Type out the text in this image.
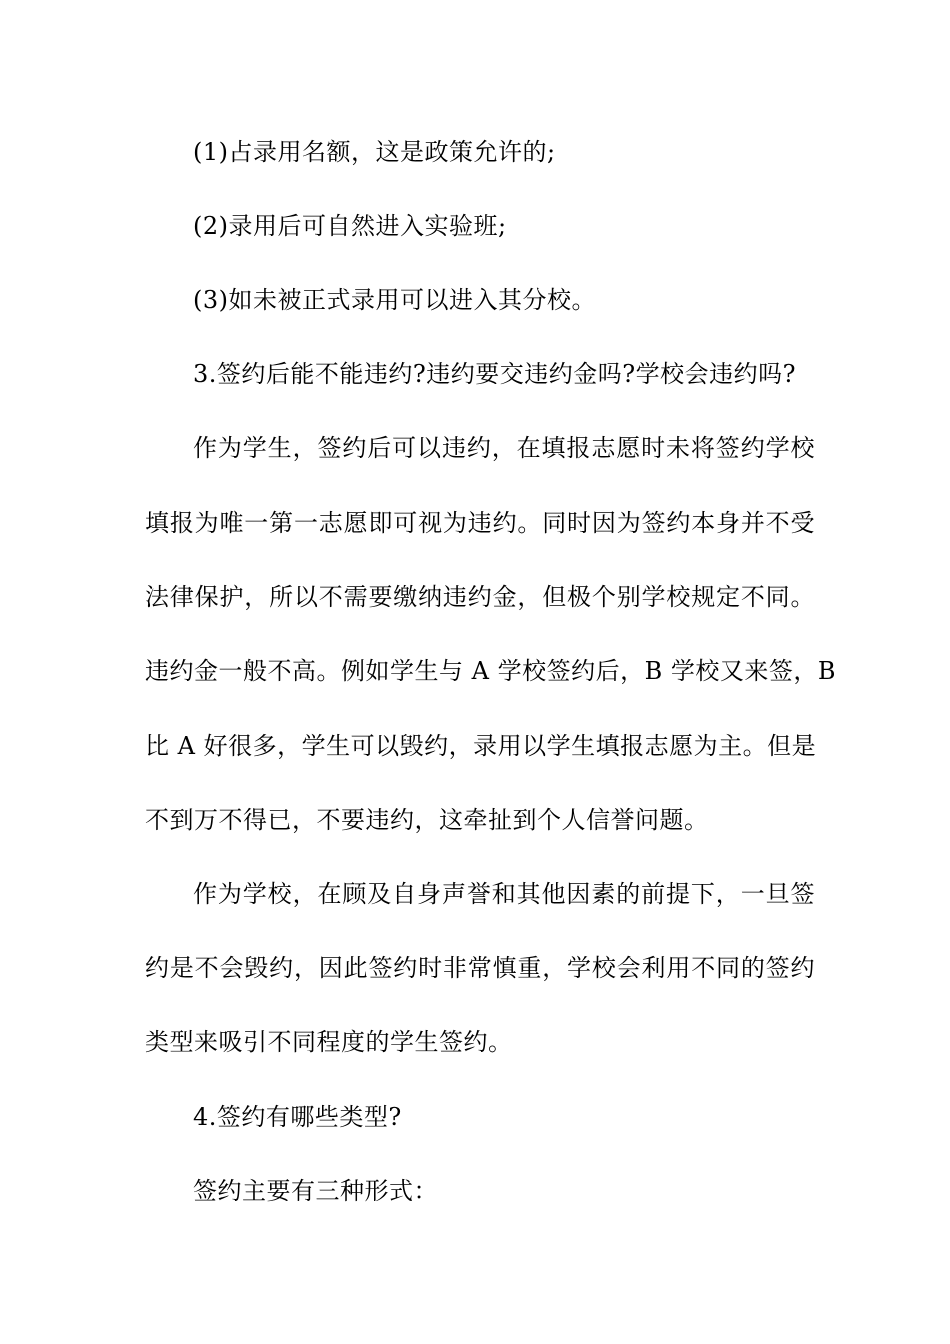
(1)占录用名额，这是政策允许的;
(2)录用后可自然进入实验班;
(3)如未被正式录用可以进入其分校。
3.签约后能不能违约?违约要交违约金吗?学校会违约吗?
作为学生，签约后可以违约，在填报志愿时未将签约学校
填报为唯一第一志愿即可视为违约。同时因为签约本身并不受
法律保护，所以不需要缴纳违约金，但极个别学校规定不同。
违约金一般不高。例如学生与 A 学校签约后，B 学校又来签，B
比 A 好很多，学生可以毁约，录用以学生填报志愿为主。但是
不到万不得已，不要违约，这牵扯到个人信誉问题。
作为学校，在顾及自身声誉和其他因素的前提下，一旦签
约是不会毁约，因此签约时非常慎重，学校会利用不同的签约
类型来吸引不同程度的学生签约。
4.签约有哪些类型?
签约主要有三种形式：
